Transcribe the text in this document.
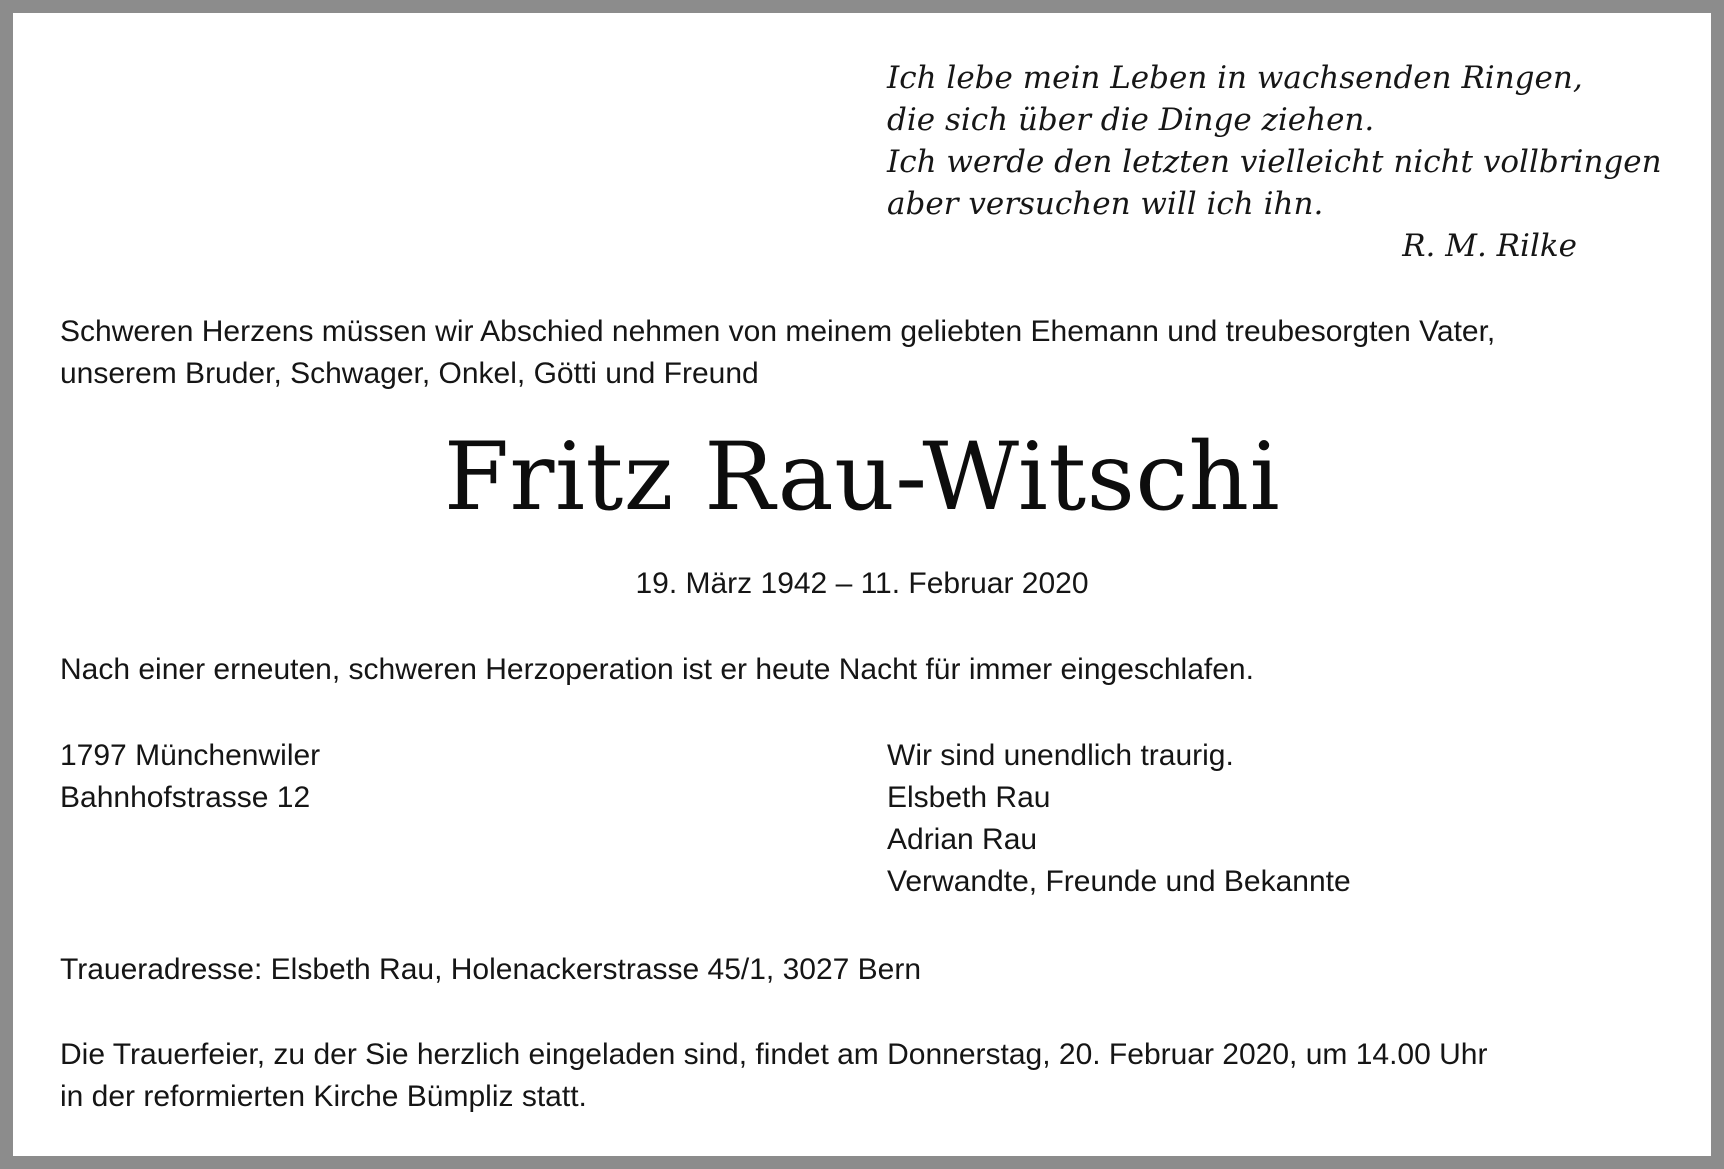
Ich lebe mein Leben in wachsenden Ringen,
die sich über die Dinge ziehen.
Ich werde den letzten vielleicht nicht vollbringen
aber versuchen will ich ihn.
R. M. Rilke
Schweren Herzens müssen wir Abschied nehmen von meinem geliebten Ehemann und treubesorgten Vater,
unserem Bruder, Schwager, Onkel, Götti und Freund
Fritz Rau-Witschi
19. März 1942 – 11. Februar 2020
Nach einer erneuten, schweren Herzoperation ist er heute Nacht für immer eingeschlafen.
1797 Münchenwiler
Bahnhofstrasse 12
Wir sind unendlich traurig.
Elsbeth Rau
Adrian Rau
Verwandte, Freunde und Bekannte
Traueradresse: Elsbeth Rau, Holenackerstrasse 45/1, 3027 Bern
Die Trauerfeier, zu der Sie herzlich eingeladen sind, findet am Donnerstag, 20. Februar 2020, um 14.00 Uhr
in der reformierten Kirche Bümpliz statt.
